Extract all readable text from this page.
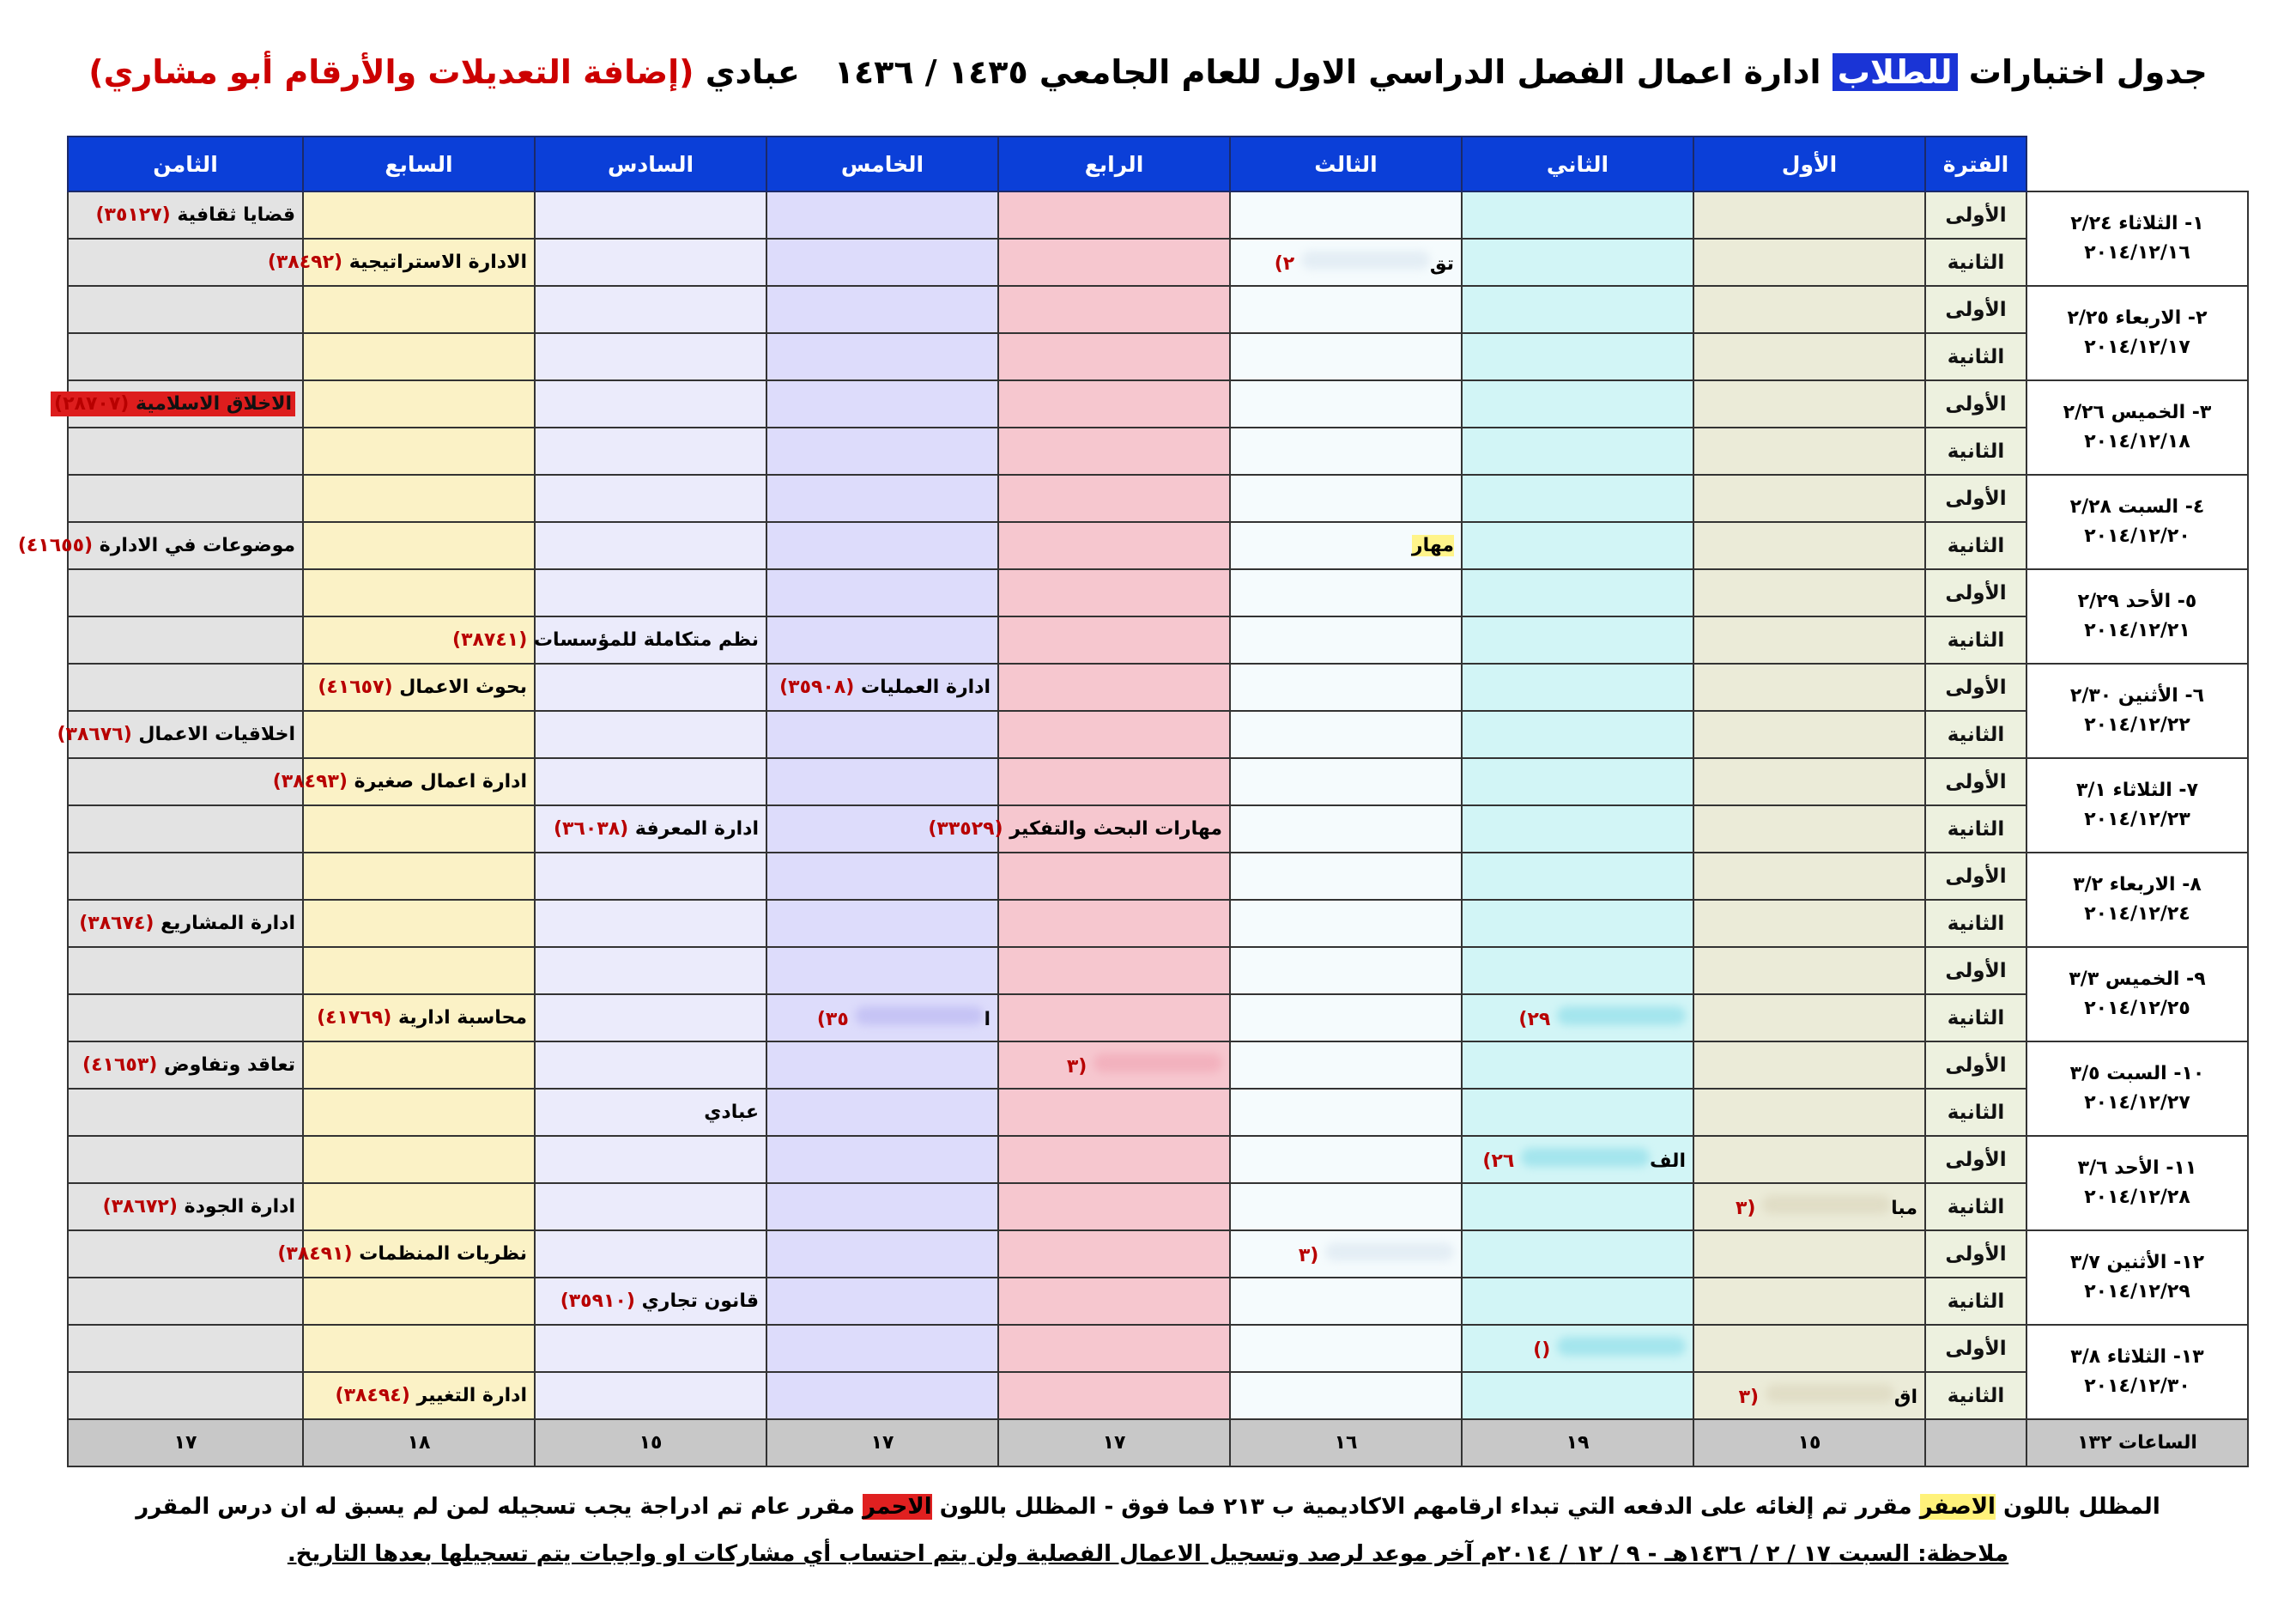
جدول اختبارات للطلاب ادارة اعمال الفصل الدراسي الاول للعام الجامعي ١٤٣٥ / ١٤٣٦عبادي (إضافة التعديلات والأرقام أبو مشاري)
	الفترة	الأول	الثاني	الثالث	الرابع	الخامس	السادس	السابع	الثامن

١- الثلاثاء ٢/٢٤
٢٠١٤/١٢/١٦	الأولى								قضايا ثقافية (٣٥١٢٧)
	الثانية			تق ٢)				الادارة الاستراتيجية (٣٨٤٩٢)	

٢- الاربعاء ٢/٢٥
٢٠١٤/١٢/١٧	الأولى								
	الثانية								

٣- الخميس ٢/٢٦
٢٠١٤/١٢/١٨	الأولى								الاخلاق الاسلامية (٢٨٧٠٧)
	الثانية								

٤- السبت ٢/٢٨
٢٠١٤/١٢/٢٠	الأولى								
	الثانية			مهار					موضوعات في الادارة (٤١٦٥٥)

٥- الأحد ٢/٢٩
٢٠١٤/١٢/٢١	الأولى								
	الثانية						نظم متكاملة للمؤسسات (٣٨٧٤١)		

٦- الأثنين ٢/٣٠
٢٠١٤/١٢/٢٢	الأولى					ادارة العمليات (٣٥٩٠٨)		بحوث الاعمال (٤١٦٥٧)	
	الثانية								اخلاقيات الاعمال (٣٨٦٧٦)

٧- الثلاثاء ٣/١
٢٠١٤/١٢/٢٣	الأولى							ادارة اعمال صغيرة (٣٨٤٩٣)	
	الثانية				مهارات البحث والتفكير (٣٣٥٢٩)		ادارة المعرفة (٣٦٠٣٨)		

٨- الاربعاء ٣/٢
٢٠١٤/١٢/٢٤	الأولى								
	الثانية								ادارة المشاريع (٣٨٦٧٤)

٩- الخميس ٣/٣
٢٠١٤/١٢/٢٥	الأولى								
	الثانية		٢٩)			ا ٣٥)		محاسبة ادارية (٤١٧٦٩)	

١٠- السبت ٣/٥
٢٠١٤/١٢/٢٧	الأولى				(٣				تعاقد وتفاوض (٤١٦٥٣)
	الثانية						عبادي		

١١- الأحد ٣/٦
٢٠١٤/١٢/٢٨	الأولى		الف ٢٦)						
	الثانية	مبا (٣							ادارة الجودة (٣٨٦٧٢)

١٢- الأثنين ٣/٧
٢٠١٤/١٢/٢٩	الأولى			(٣				نظريات المنظمات (٣٨٤٩١)	
	الثانية						قانون تجاري (٣٥٩١٠)		

١٣- الثلاثاء ٣/٨
٢٠١٤/١٢/٣٠	الأولى		()						
	الثانية	اق (٣						ادارة التغيير (٣٨٤٩٤)	
الساعات ١٣٢		١٥	١٩	١٦	١٧	١٧	١٥	١٨	١٧
المظلل باللون الاصفر مقرر تم إلغائه على الدفعه التي تبداء ارقامهم الاكاديمية ب ٢١٣ فما فوق - المظلل باللون الاحمر مقرر عام تم ادراجة يجب تسجيله لمن لم يسبق له ان درس المقرر
ملاحظة: السبت ١٧ / ٢ / ١٤٣٦هـ - ٩ / ١٢ / ٢٠١٤م آخر موعد لرصد وتسجيل الاعمال الفصلية ولن يتم احتساب أي مشاركات او واجبات يتم تسجيلها بعدها التاريخ.
